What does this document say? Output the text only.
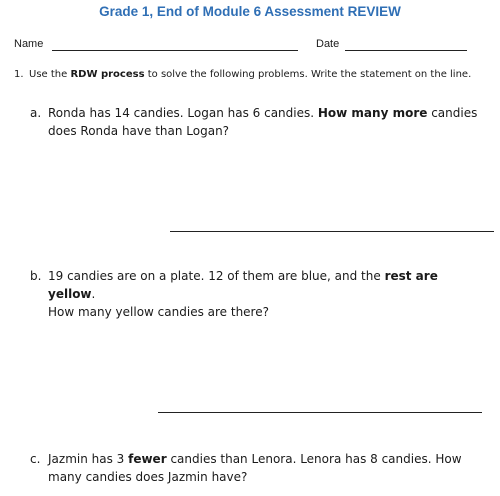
Grade 1, End of Module 6 Assessment REVIEW
Name	Date
1. Use the RDW process to solve the following problems. Write the statement on the line.
a. Ronda has 14 candies. Logan has 6 candies. How many more candies does Ronda have than Logan?
b. 19 candies are on a plate. 12 of them are blue, and the rest are yellow.
How many yellow candies are there?
c. Jazmin has 3 fewer candies than Lenora. Lenora has 8 candies. How many candies does Jazmin have?
